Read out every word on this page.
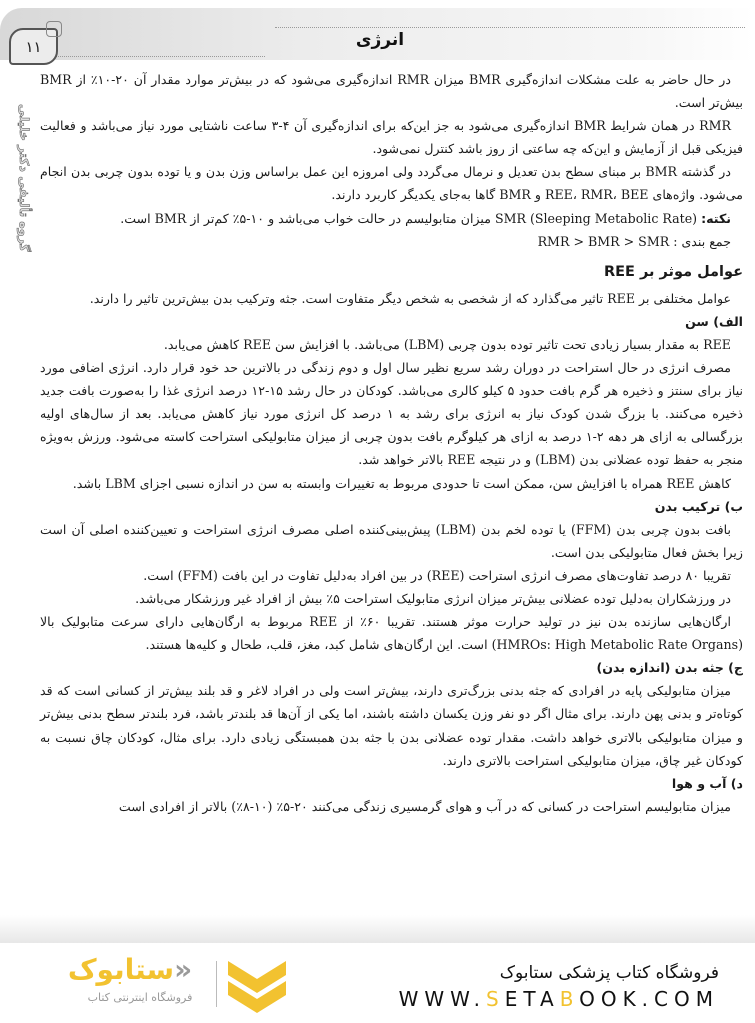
۱۱	انرژی
گروه تألیفی دکتر خلیلی

در حال حاضر به علت مشکلات اندازه‌گیری BMR میزان RMR اندازه‌گیری می‌شود که در بیش‌تر موارد مقدار آن ۲۰-۱۰٪ از BMR بیش‌تر است.

RMR در همان شرایط BMR اندازه‌گیری می‌شود به جز این‌که برای اندازه‌گیری آن ۴-۳ ساعت ناشتایی مورد نیاز می‌باشد و فعالیت فیزیکی قبل از آزمایش و این‌که چه ساعتی از روز باشد کنترل نمی‌شود.

در گذشته BMR بر مبنای سطح بدن تعدیل و نرمال می‌گردد ولی امروزه این عمل براساس وزن بدن و یا توده بدون چربی بدن انجام می‌شود. واژه‌های REE، RMR، BEE و BMR گاها به‌جای یکدیگر کاربرد دارند.

نکته: SMR (Sleeping Metabolic Rate) میزان متابولیسم در حالت خواب می‌باشد و ۱۰-۵٪ کم‌تر از BMR است.

جمع بندی : RMR > BMR > SMR

عوامل موثر بر REE

عوامل مختلفی بر REE تاثیر می‌گذارد که از شخصی به شخص دیگر متفاوت است. جثه وترکیب بدن بیش‌ترین تاثیر را دارند.

الف) سن

REE به مقدار بسیار زیادی تحت تاثیر توده بدون چربی (LBM) می‌باشد. با افزایش سن REE کاهش می‌یابد.

مصرف انرژی در حال استراحت در دوران رشد سریع نظیر سال اول و دوم زندگی در بالاترین حد خود قرار دارد. انرژی اضافی مورد نیاز برای سنتز و ذخیره هر گرم بافت حدود ۵ کیلو کالری می‌باشد. کودکان در حال رشد ۱۵-۱۲ درصد انرژی غذا را به‌صورت بافت جدید ذخیره می‌کنند. با بزرگ شدن کودک نیاز به انرژی برای رشد به ۱ درصد کل انرژی مورد نیاز کاهش می‌یابد. بعد از سال‌های اولیه بزرگسالی به ازای هر دهه ۲-۱ درصد به ازای هر کیلوگرم بافت بدون چربی از میزان متابولیکی استراحت کاسته می‌شود. ورزش به‌ویژه منجر به حفظ توده عضلانی بدن (LBM) و در نتیجه REE بالاتر خواهد شد.

کاهش REE همراه با افزایش سن، ممکن است تا حدودی مربوط به تغییرات وابسته به سن در اندازه نسبی اجزای LBM باشد.

ب) ترکیب بدن

بافت بدون چربی بدن (FFM) یا توده لخم بدن (LBM) پیش‌بینی‌کننده اصلی مصرف انرژی استراحت و تعیین‌کننده اصلی آن است زیرا بخش فعال متابولیکی بدن است.

تقریبا ۸۰ درصد تفاوت‌های مصرف انرژی استراحت (REE) در بین افراد به‌دلیل تفاوت در این بافت (FFM) است.

در ورزشکاران به‌دلیل توده عضلانی بیش‌تر میزان انرژی متابولیک استراحت ۵٪ بیش از افراد غیر ورزشکار می‌باشد.

ارگان‌هایی سازنده بدن نیز در تولید حرارت موثر هستند. تقریبا ۶۰٪ از REE مربوط به ارگان‌هایی دارای سرعت متابولیک بالا (HMROs: High Metabolic Rate Organs) است. این ارگان‌های شامل کبد، مغز، قلب، طحال و کلیه‌ها هستند.

ج) جثه بدن (اندازه بدن)

میزان متابولیکی پایه در افرادی که جثه بدنی بزرگ‌تری دارند، بیش‌تر است ولی در افراد لاغر و قد بلند بیش‌تر از کسانی است که قد کوتاه‌تر و بدنی پهن دارند. برای مثال اگر دو نفر وزن یکسان داشته باشند، اما یکی از آن‌ها قد بلندتر باشد، فرد بلندتر سطح بدنی بیش‌تر و میزان متابولیکی بالاتری خواهد داشت. مقدار توده عضلانی بدن با جثه بدن همبستگی زیادی دارد. برای مثال، کودکان چاق نسبت به کودکان غیر چاق، میزان متابولیکی استراحت بالاتری دارند.

د) آب و هوا

میزان متابولیسم استراحت در کسانی که در آب و هوای گرمسیری زندگی می‌کنند ۲۰-۵٪ (۱۰-۸٪) بالاتر از افرادی است

«ستابوک
فروشگاه اینترنتی کتاب
فروشگاه کتاب پزشکی ستابوک
WWW.SETABOOK.COM
